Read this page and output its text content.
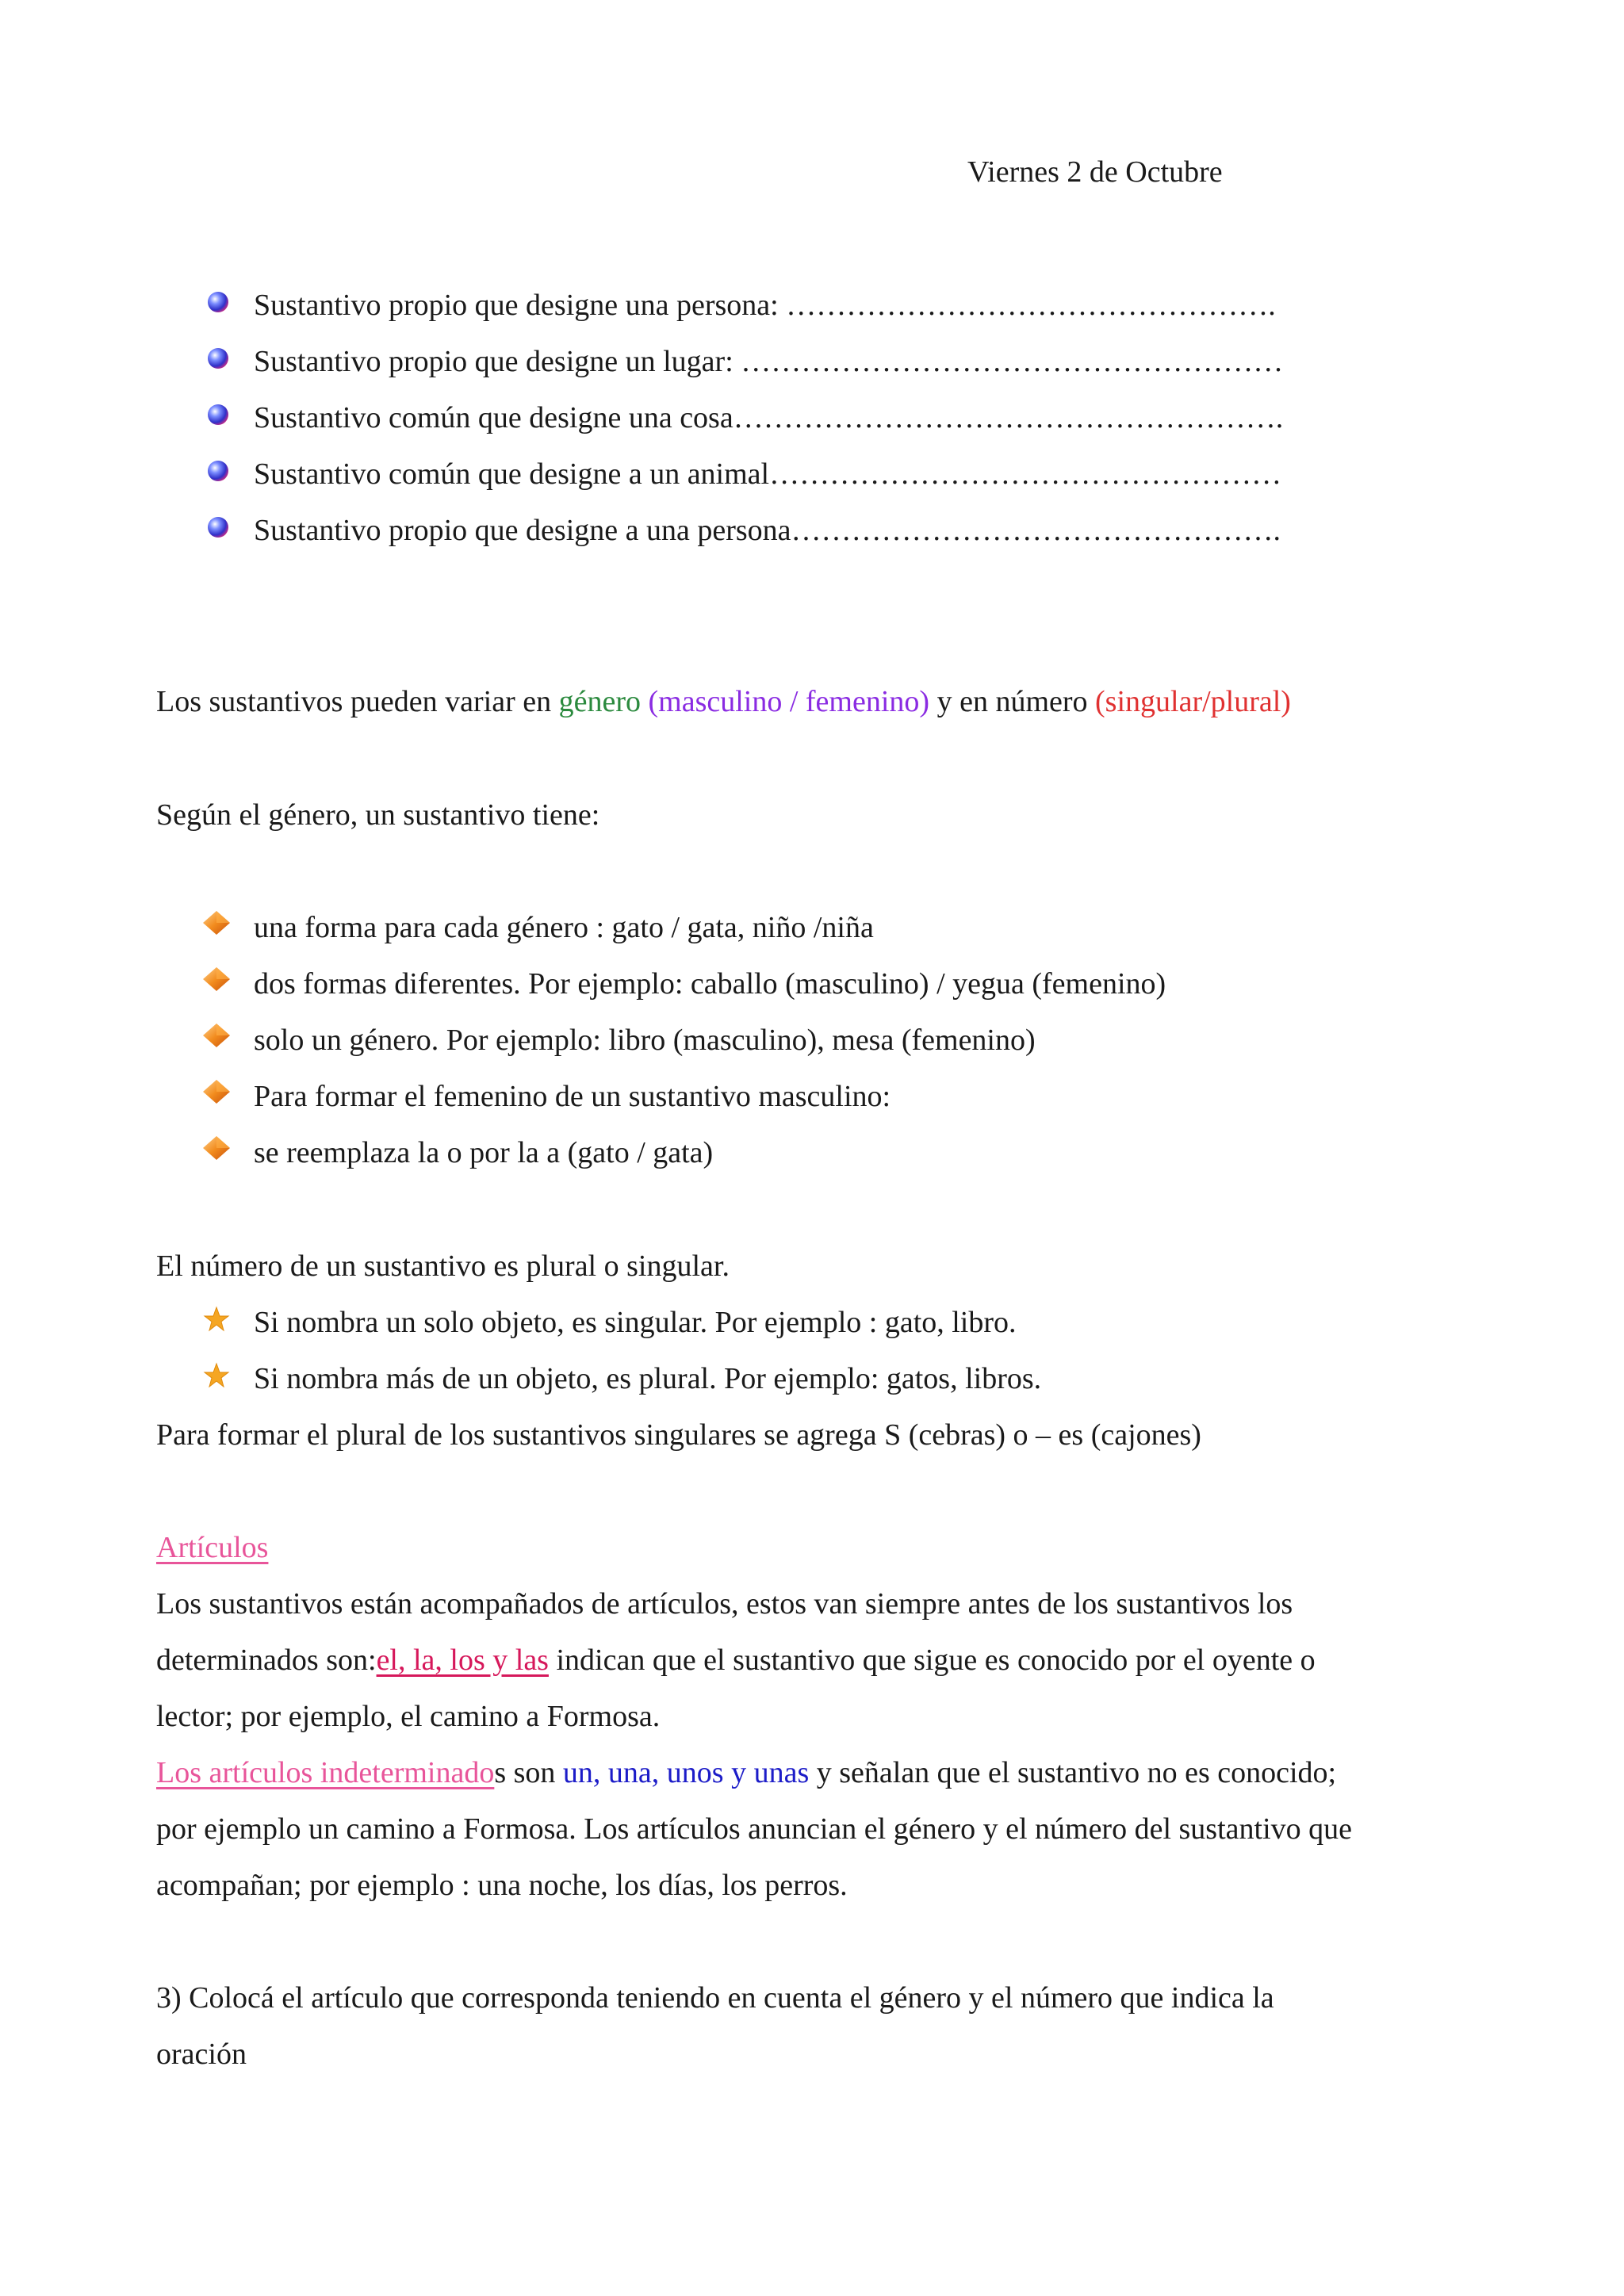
Viernes 2 de Octubre
Sustantivo propio que designe una persona: ………………………………………….
Sustantivo propio que designe un lugar: ………………………………………………
Sustantivo común que designe una cosa……………………………………………….
Sustantivo común que designe a un animal……………………………………………
Sustantivo propio que designe a una persona………………………………………….
Los sustantivos pueden variar en género (masculino / femenino) y en número (singular/plural)
Según el género, un sustantivo tiene:
una forma para cada género : gato / gata, niño /niña
dos formas diferentes. Por ejemplo: caballo (masculino) / yegua (femenino)
solo un género. Por ejemplo: libro (masculino), mesa (femenino)
Para formar el femenino de un sustantivo masculino:
se reemplaza la o por la a (gato / gata)
El número de un sustantivo es plural o singular.
Si nombra un solo objeto, es singular. Por ejemplo : gato, libro.
Si nombra más de un objeto, es plural. Por ejemplo: gatos, libros.
Para formar el plural de los sustantivos singulares se agrega S (cebras) o – es (cajones)
Artículos
Los sustantivos están acompañados de artículos, estos van siempre antes de los sustantivos los
determinados son:el, la, los y las indican que el sustantivo que sigue es conocido por el oyente o
lector; por ejemplo, el camino a Formosa.
Los artículos indeterminados son un, una, unos y unas y señalan que el sustantivo no es conocido;
por ejemplo un camino a Formosa. Los artículos anuncian el género y el número del sustantivo que
acompañan; por ejemplo : una noche, los días, los perros.
3) Colocá el artículo que corresponda teniendo en cuenta el género y el número que indica la
oración
